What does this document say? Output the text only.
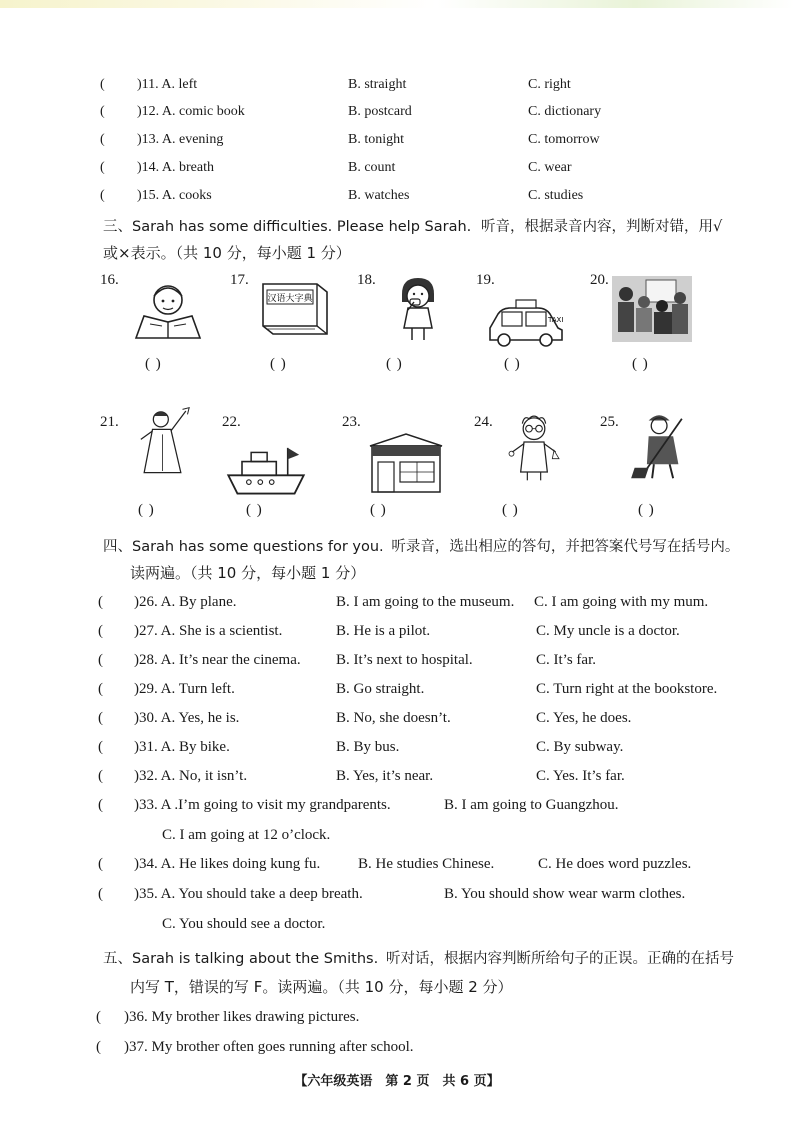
( )11. A. left	B. straight	C. right
( )12. A. comic book	B. postcard	C. dictionary
( )13. A. evening	B. tonight	C. tomorrow
( )14. A. breath	B. count	C. wear
( )15. A. cooks	B. watches	C. studies
三、Sarah has some difficulties. Please help Sarah. 听音，根据录音内容，判断对错，用√
或×表示。（共 10 分，每小题 1 分）
16.	17.	18.	19.	20.
汉语大字典
TAXI
( )	( )	( )	( )	( )
21.	22.	23.	24.	25.
( )	( )	( )	( )	( )
四、Sarah has some questions for you. 听录音，选出相应的答句，并把答案代号写在括号内。
读两遍。（共 10 分，每小题 1 分）
( )26. A. By plane.	B. I am going to the museum. C. I am going with my mum.
( )27. A. She is a scientist.	B. He is a pilot.	C. My uncle is a doctor.
( )28. A. It’s near the cinema. B. It’s next to hospital.	C. It’s far.
( )29. A. Turn left.	B. Go straight.	C. Turn right at the bookstore.
( )30. A. Yes, he is.	B. No, she doesn’t.	C. Yes, he does.
( )31. A. By bike.	B. By bus.	C. By subway.
( )32. A. No, it isn’t.	B. Yes, it’s near.	C. Yes. It’s far.
( )33. A .I’m going to visit my grandparents.	B. I am going to Guangzhou.
C. I am going at 12 o’clock.
( )34. A. He likes doing kung fu.	B. He studies Chinese.	C. He does word puzzles.
( )35. A. You should take a deep breath.	B. You should show wear warm clothes.
C. You should see a doctor.
五、Sarah is talking about the Smiths. 听对话，根据内容判断所给句子的正误。正确的在括号
内写 T，错误的写 F。读两遍。（共 10 分，每小题 2 分）
( )36. My brother likes drawing pictures.
( )37. My brother often goes running after school.
【六年级英语　第 2 页　共 6 页】
